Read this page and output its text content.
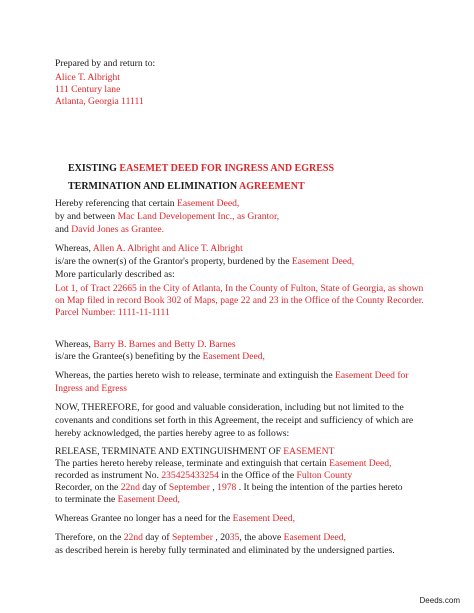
Prepared by and return to:
Alice T. Albright
111 Century lane
Atlanta, Georgia 11111
EXISTING EASEMET DEED FOR INGRESS AND EGRESS
TERMINATION AND ELIMINATION AGREEMENT
Hereby referencing that certain Easement Deed,
by and between Mac Land Developement Inc., as Grantor,
and David Jones as Grantee.
Whereas, Allen A. Albright and Alice T. Albright
is/are the owner(s) of the Grantor's property, burdened by the Easement Deed,
More particularly described as:
Lot 1, of Tract 22665 in the City of Atlanta, In the County of Fulton, State of Georgia, as shown
on Map filed in record Book 302 of Maps, page 22 and 23 in the Office of the County Recorder.
Parcel Number: 1111-11-1111
Whereas, Barry B. Barnes and Betty D. Barnes
is/are the Grantee(s) benefiting by the Easement Deed,
Whereas, the parties hereto wish to release, terminate and extinguish the Easement Deed for
Ingress and Egress
NOW, THEREFORE, for good and valuable consideration, including but not limited to the
covenants and conditions set forth in this Agreement, the receipt and sufficiency of which are
hereby acknowledged, the parties hereby agree to as follows:
RELEASE, TERMINATE AND EXTINGUISHMENT OF EASEMENT
The parties hereto hereby release, terminate and extinguish that certain Easement Deed,
recorded as instrument No. 235425433254 in the Office of the Fulton County
Recorder, on the 22nd day of September , 1978 . It being the intention of the parties hereto
to terminate the Easement Deed,
Whereas Grantee no longer has a need for the Easement Deed,
Therefore, on the 22nd day of September , 2035, the above Easement Deed,
as described herein is hereby fully terminated and eliminated by the undersigned parties.
Deeds.com
